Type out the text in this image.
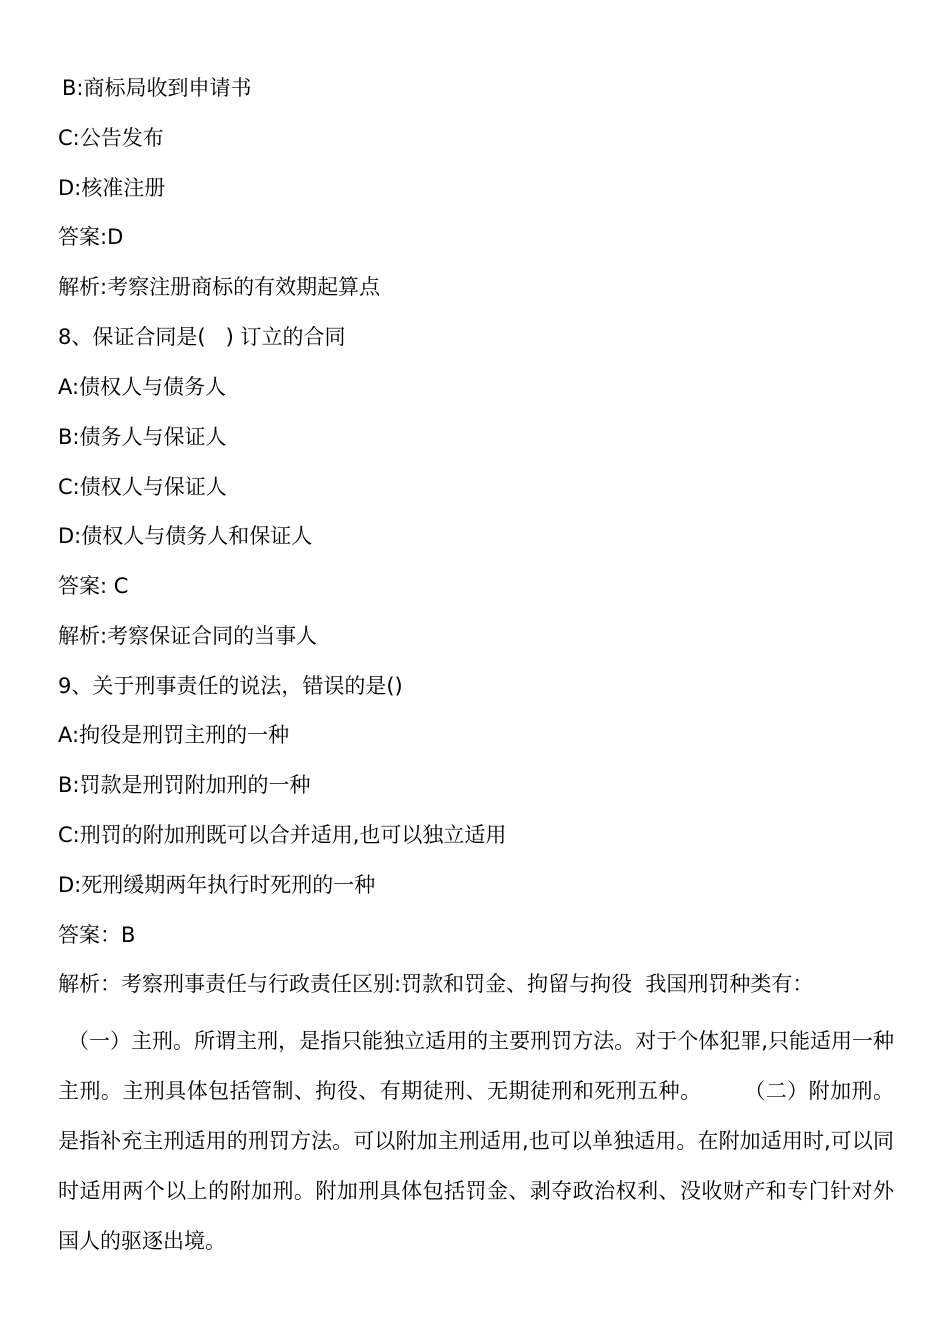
B:商标局收到申请书
C:公告发布
D:核准注册
答案:D
解析:考察注册商标的有效期起算点
8、保证合同是(   ) 订立的合同
A:债权人与债务人
B:债务人与保证人
C:债权人与保证人
D:债权人与债务人和保证人
答案: C
解析:考察保证合同的当事人
9、关于刑事责任的说法，错误的是()
A:拘役是刑罚主刑的一种
B:罚款是刑罚附加刑的一种
C:刑罚的附加刑既可以合并适用,也可以独立适用
D:死刑缓期两年执行时死刑的一种
答案：B
解析：考察刑事责任与行政责任区别:罚款和罚金、拘留与拘役  我国刑罚种类有：
（一）主刑。所谓主刑，是指只能独立适用的主要刑罚方法。对于个体犯罪,只能适用一种主刑。主刑具体包括管制、拘役、有期徒刑、无期徒刑和死刑五种。      （二）附加刑。是指补充主刑适用的刑罚方法。可以附加主刑适用,也可以单独适用。在附加适用时,可以同时适用两个以上的附加刑。附加刑具体包括罚金、剥夺政治权利、没收财产和专门针对外国人的驱逐出境。
